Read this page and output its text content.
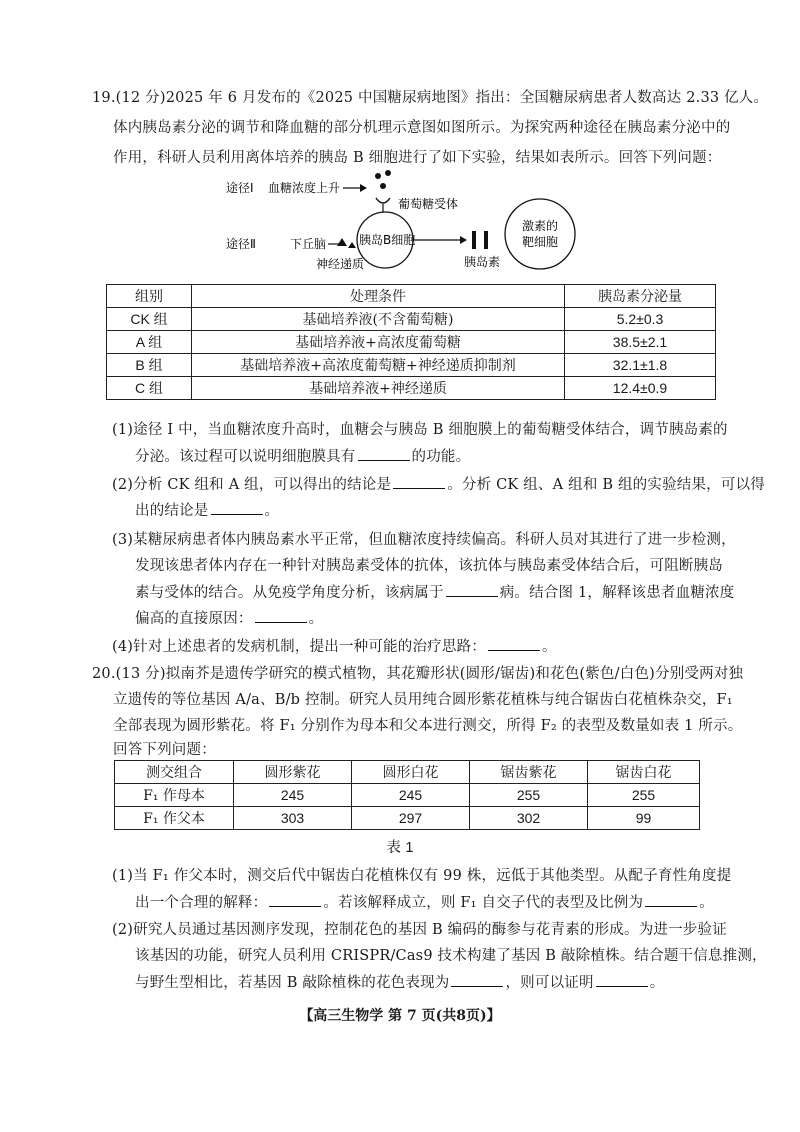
19.(12 分)2025 年 6 月发布的《2025 中国糖尿病地图》指出：全国糖尿病患者人数高达 2.33 亿人。
体内胰岛素分泌的调节和降血糖的部分机理示意图如图所示。为探究两种途径在胰岛素分泌中的
作用，科研人员利用离体培养的胰岛 B 细胞进行了如下实验，结果如表所示。回答下列问题：
途径Ⅰ 血糖浓度上升
葡萄糖受体
胰岛B细胞
途径Ⅱ	下丘脑
神经递质	胰岛素
激素的
靶细胞
组别	处理条件	胰岛素分泌量
CK 组	基础培养液(不含葡萄糖)	5.2±0.3
A 组	基础培养液+高浓度葡萄糖	38.5±2.1
B 组	基础培养液+高浓度葡萄糖+神经递质抑制剂	32.1±1.8
C 组	基础培养液+神经递质	12.4±0.9
(1)途径 I 中，当血糖浓度升高时，血糖会与胰岛 B 细胞膜上的葡萄糖受体结合，调节胰岛素的
分泌。该过程可以说明细胞膜具有	的功能。
(2)分析 CK 组和 A 组，可以得出的结论是	。分析 CK 组、A 组和 B 组的实验结果，可以得
出的结论是	。
(3)某糖尿病患者体内胰岛素水平正常，但血糖浓度持续偏高。科研人员对其进行了进一步检测，
发现该患者体内存在一种针对胰岛素受体的抗体，该抗体与胰岛素受体结合后，可阻断胰岛
素与受体的结合。从免疫学角度分析，该病属于	病。结合图 1，解释该患者血糖浓度
偏高的直接原因：	。
(4)针对上述患者的发病机制，提出一种可能的治疗思路：	。
20.(13 分)拟南芥是遗传学研究的模式植物，其花瓣形状(圆形/锯齿)和花色(紫色/白色)分别受两对独
立遗传的等位基因 A/a、B/b 控制。研究人员用纯合圆形紫花植株与纯合锯齿白花植株杂交，F₁
全部表现为圆形紫花。将 F₁ 分别作为母本和父本进行测交，所得 F₂ 的表型及数量如表 1 所示。
回答下列问题：
测交组合	圆形紫花	圆形白花	锯齿紫花	锯齿白花
F₁ 作母本	245	245	255	255
F₁ 作父本	303	297	302	99
表 1
(1)当 F₁ 作父本时，测交后代中锯齿白花植株仅有 99 株，远低于其他类型。从配子育性角度提
出一个合理的解释：	。若该解释成立，则 F₁ 自交子代的表型及比例为	。
(2)研究人员通过基因测序发现，控制花色的基因 B 编码的酶参与花青素的形成。为进一步验证
该基因的功能，研究人员利用 CRISPR/Cas9 技术构建了基因 B 敲除植株。结合题干信息推测，
与野生型相比，若基因 B 敲除植株的花色表现为	，则可以证明	。
【高三生物学 第 7 页(共8页)】
